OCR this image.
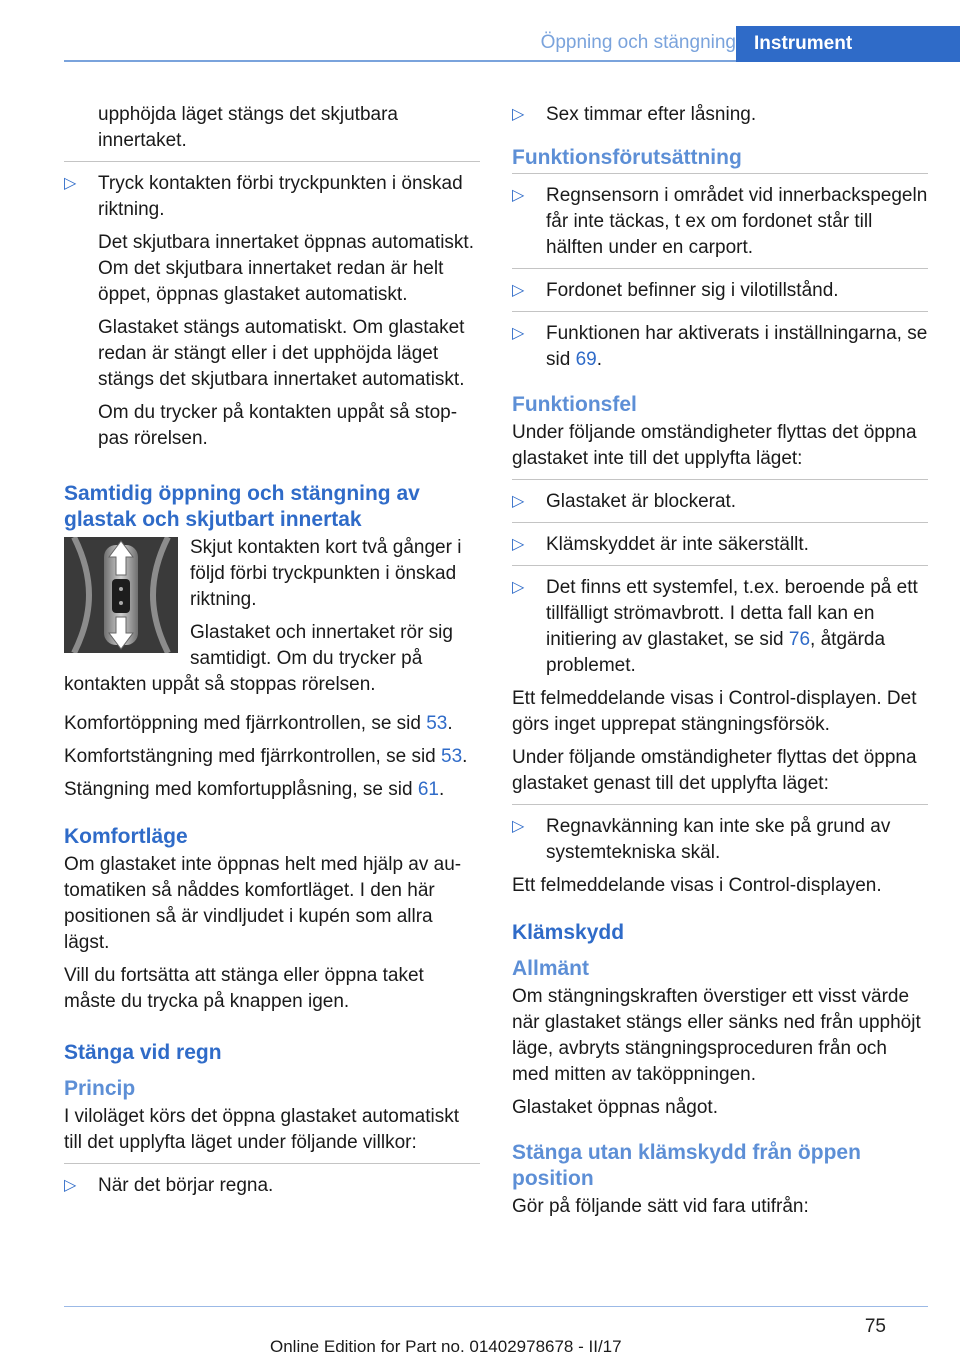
Öppning och stängning Instrument

upphöjda läget stängs det skjutbara innertaket.

▷ Tryck kontakten förbi tryckpunkten i önskad riktning.

Det skjutbara innertaket öppnas automatiskt. Om det skjutbara innertaket redan är helt öppet, öppnas glastaket automatiskt.

Glastaket stängs automatiskt. Om glastaket redan är stängt eller i det upphöjda läget stängs det skjutbara innertaket automatiskt.

Om du trycker på kontakten uppåt så stoppas rörelsen.

Samtidig öppning och stängning av glastak och skjutbart innertak

Skjut kontakten kort två gånger i följd förbi tryckpunkten i önskad riktning.

Glastaket och innertaket rör sig samtidigt. Om du trycker på kontakten uppåt så stoppas rörelsen.

Komfortöppning med fjärrkontrollen, se sid 53.

Komfortstängning med fjärrkontrollen, se sid 53.

Stängning med komfortupplåsning, se sid 61.

Komfortläge

Om glastaket inte öppnas helt med hjälp av automatiken så nåddes komfortläget. I den här positionen så är vindljudet i kupén som allra lägst.

Vill du fortsätta att stänga eller öppna taket måste du trycka på knappen igen.

Stänga vid regn
Princip

I viloläget körs det öppna glastaket automatiskt till det upplyfta läget under följande villkor:

▷ När det börjar regna.
▷ Sex timmar efter låsning.
Funktionsförutsättning
▷ Regnsensorn i området vid innerbackspegeln får inte täckas, t ex om fordonet står till hälften under en carport.
▷ Fordonet befinner sig i vilotillstånd.
▷ Funktionen har aktiverats i inställningarna, se sid 69.
Funktionsfel

Under följande omständigheter flyttas det öppna glastaket inte till det upplyfta läget:

▷ Glastaket är blockerat.
▷ Klämskyddet är inte säkerställt.
▷ Det finns ett systemfel, t.ex. beroende på ett tillfälligt strömavbrott. I detta fall kan en initiering av glastaket, se sid 76, åtgärda problemet.

Ett felmeddelande visas i Control-displayen. Det görs inget upprepat stängningsförsök.

Under följande omständigheter flyttas det öppna glastaket genast till det upplyfta läget:

▷ Regnavkänning kan inte ske på grund av systemtekniska skäl.

Ett felmeddelande visas i Control-displayen.

Klämskydd
Allmänt

Om stängningskraften överstiger ett visst värde när glastaket stängs eller sänks ned från upphöjt läge, avbryts stängningsproceduren från och med mitten av taköppningen.

Glastaket öppnas något.

Stänga utan klämskydd från öppen position

Gör på följande sätt vid fara utifrån:

75
Online Edition for Part no. 01402978678 - II/17
